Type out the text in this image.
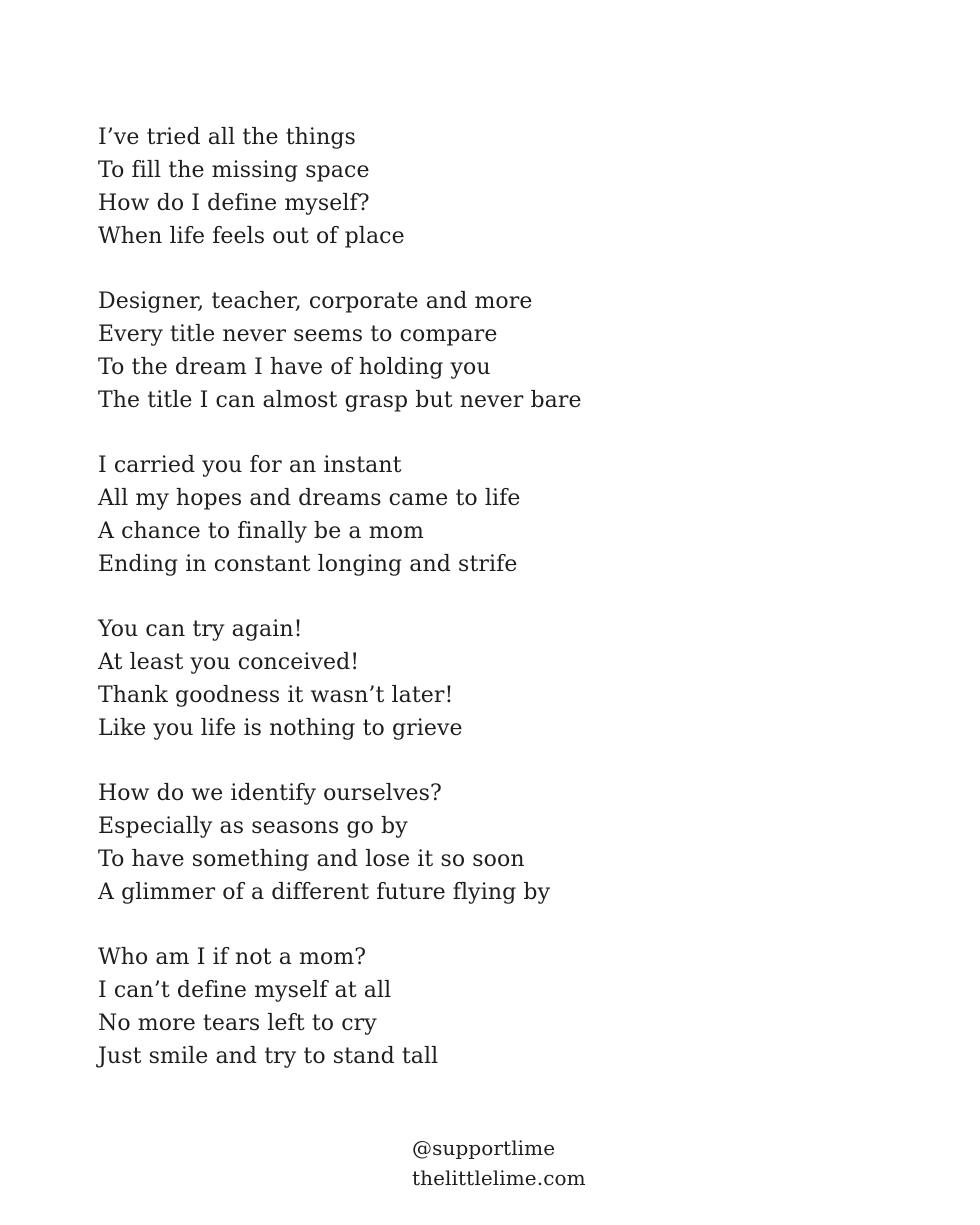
I’ve tried all the things
To fill the missing space
How do I define myself?
When life feels out of place
Designer, teacher, corporate and more
Every title never seems to compare
To the dream I have of holding you
The title I can almost grasp but never bare
I carried you for an instant
All my hopes and dreams came to life
A chance to finally be a mom
Ending in constant longing and strife
You can try again!
At least you conceived!
Thank goodness it wasn’t later!
Like you life is nothing to grieve
How do we identify ourselves?
Especially as seasons go by
To have something and lose it so soon
A glimmer of a different future flying by
Who am I if not a mom?
I can’t define myself at all
No more tears left to cry
Just smile and try to stand tall
@supportlime
thelittlelime.com
